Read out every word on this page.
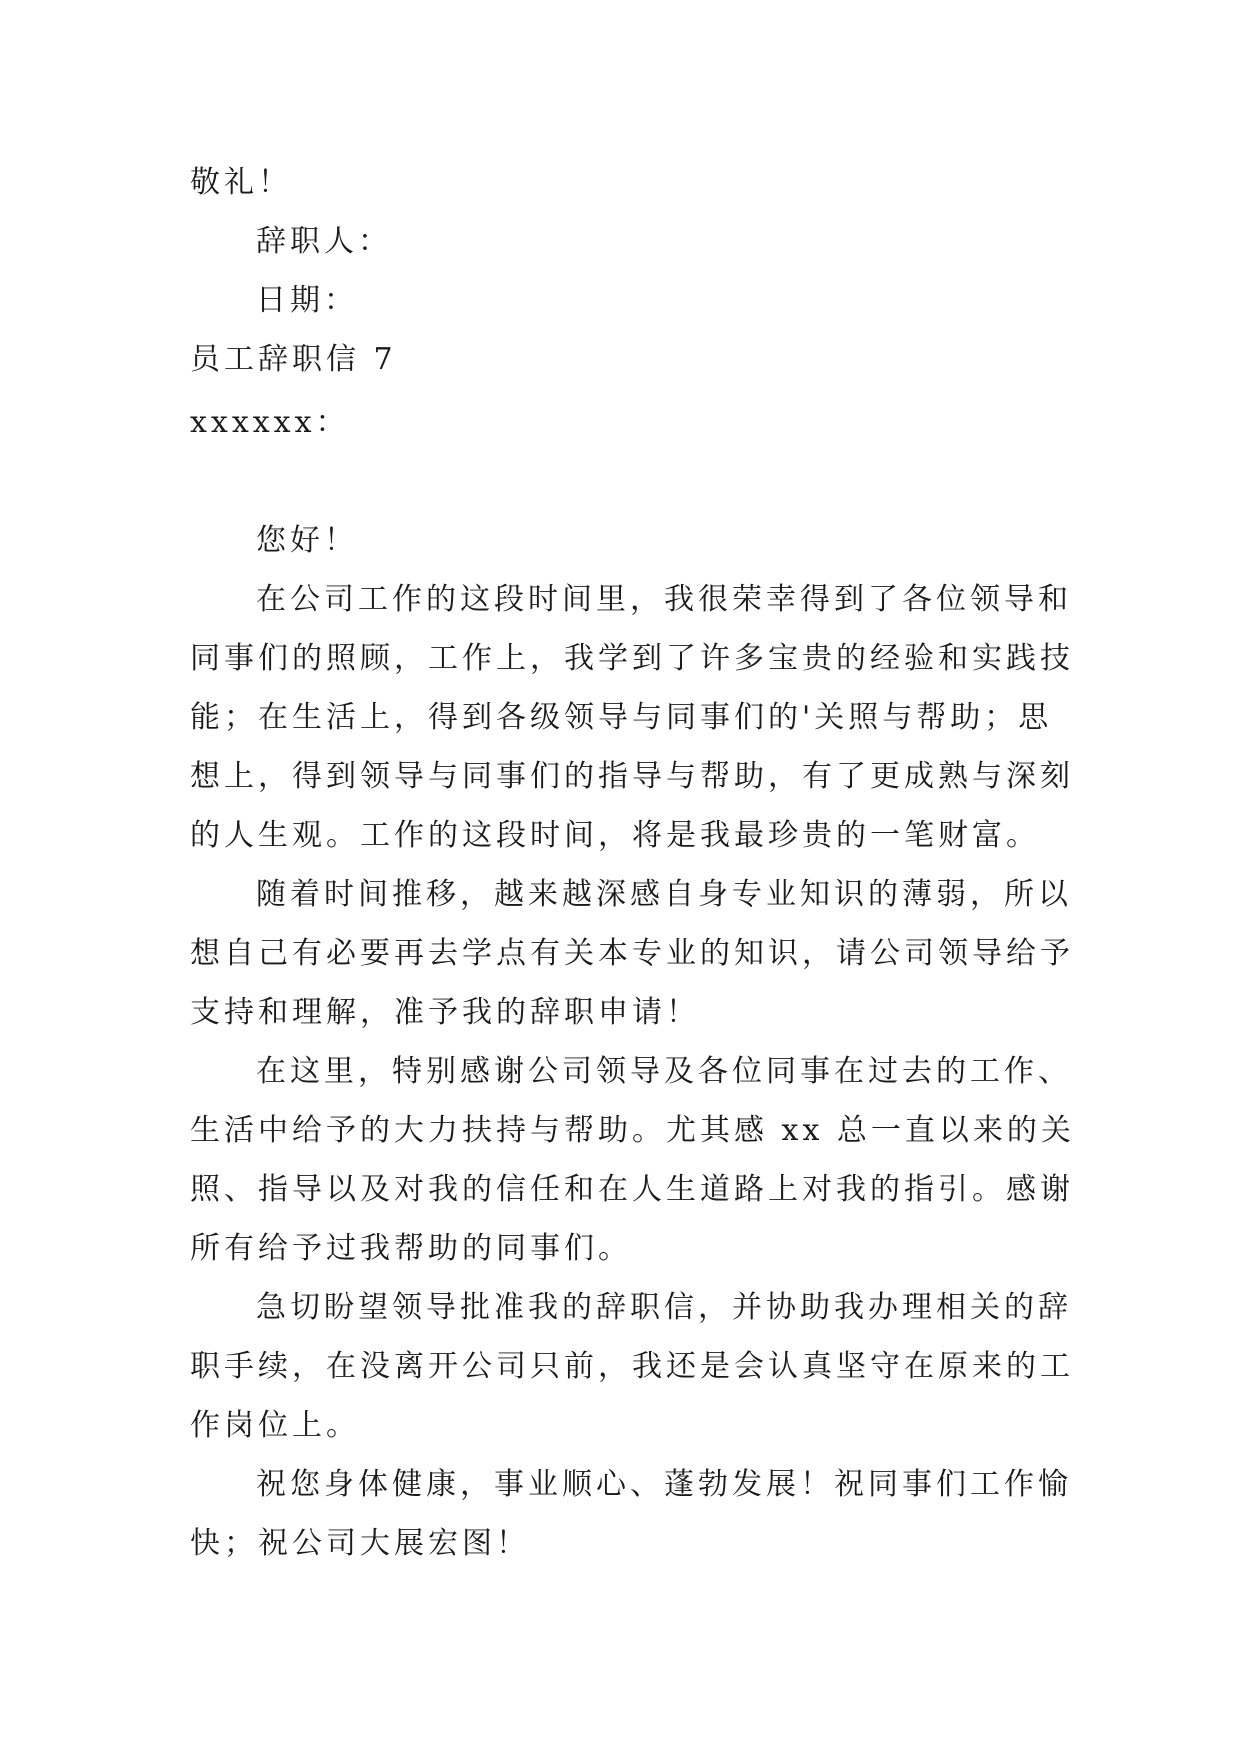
敬礼！
辞职人：
日期：
员工辞职信 7
xxxxxx：
您好！
在公司工作的这段时间里，我很荣幸得到了各位领导和
同事们的照顾，工作上，我学到了许多宝贵的经验和实践技
能；在生活上，得到各级领导与同事们的'关照与帮助；思
想上，得到领导与同事们的指导与帮助，有了更成熟与深刻
的人生观。工作的这段时间，将是我最珍贵的一笔财富。
随着时间推移，越来越深感自身专业知识的薄弱，所以
想自己有必要再去学点有关本专业的知识，请公司领导给予
支持和理解，准予我的辞职申请！
在这里，特别感谢公司领导及各位同事在过去的工作、
生活中给予的大力扶持与帮助。尤其感 xx 总一直以来的关
照、指导以及对我的信任和在人生道路上对我的指引。感谢
所有给予过我帮助的同事们。
急切盼望领导批准我的辞职信，并协助我办理相关的辞
职手续，在没离开公司只前，我还是会认真坚守在原来的工
作岗位上。
祝您身体健康，事业顺心、蓬勃发展！祝同事们工作愉
快；祝公司大展宏图！
